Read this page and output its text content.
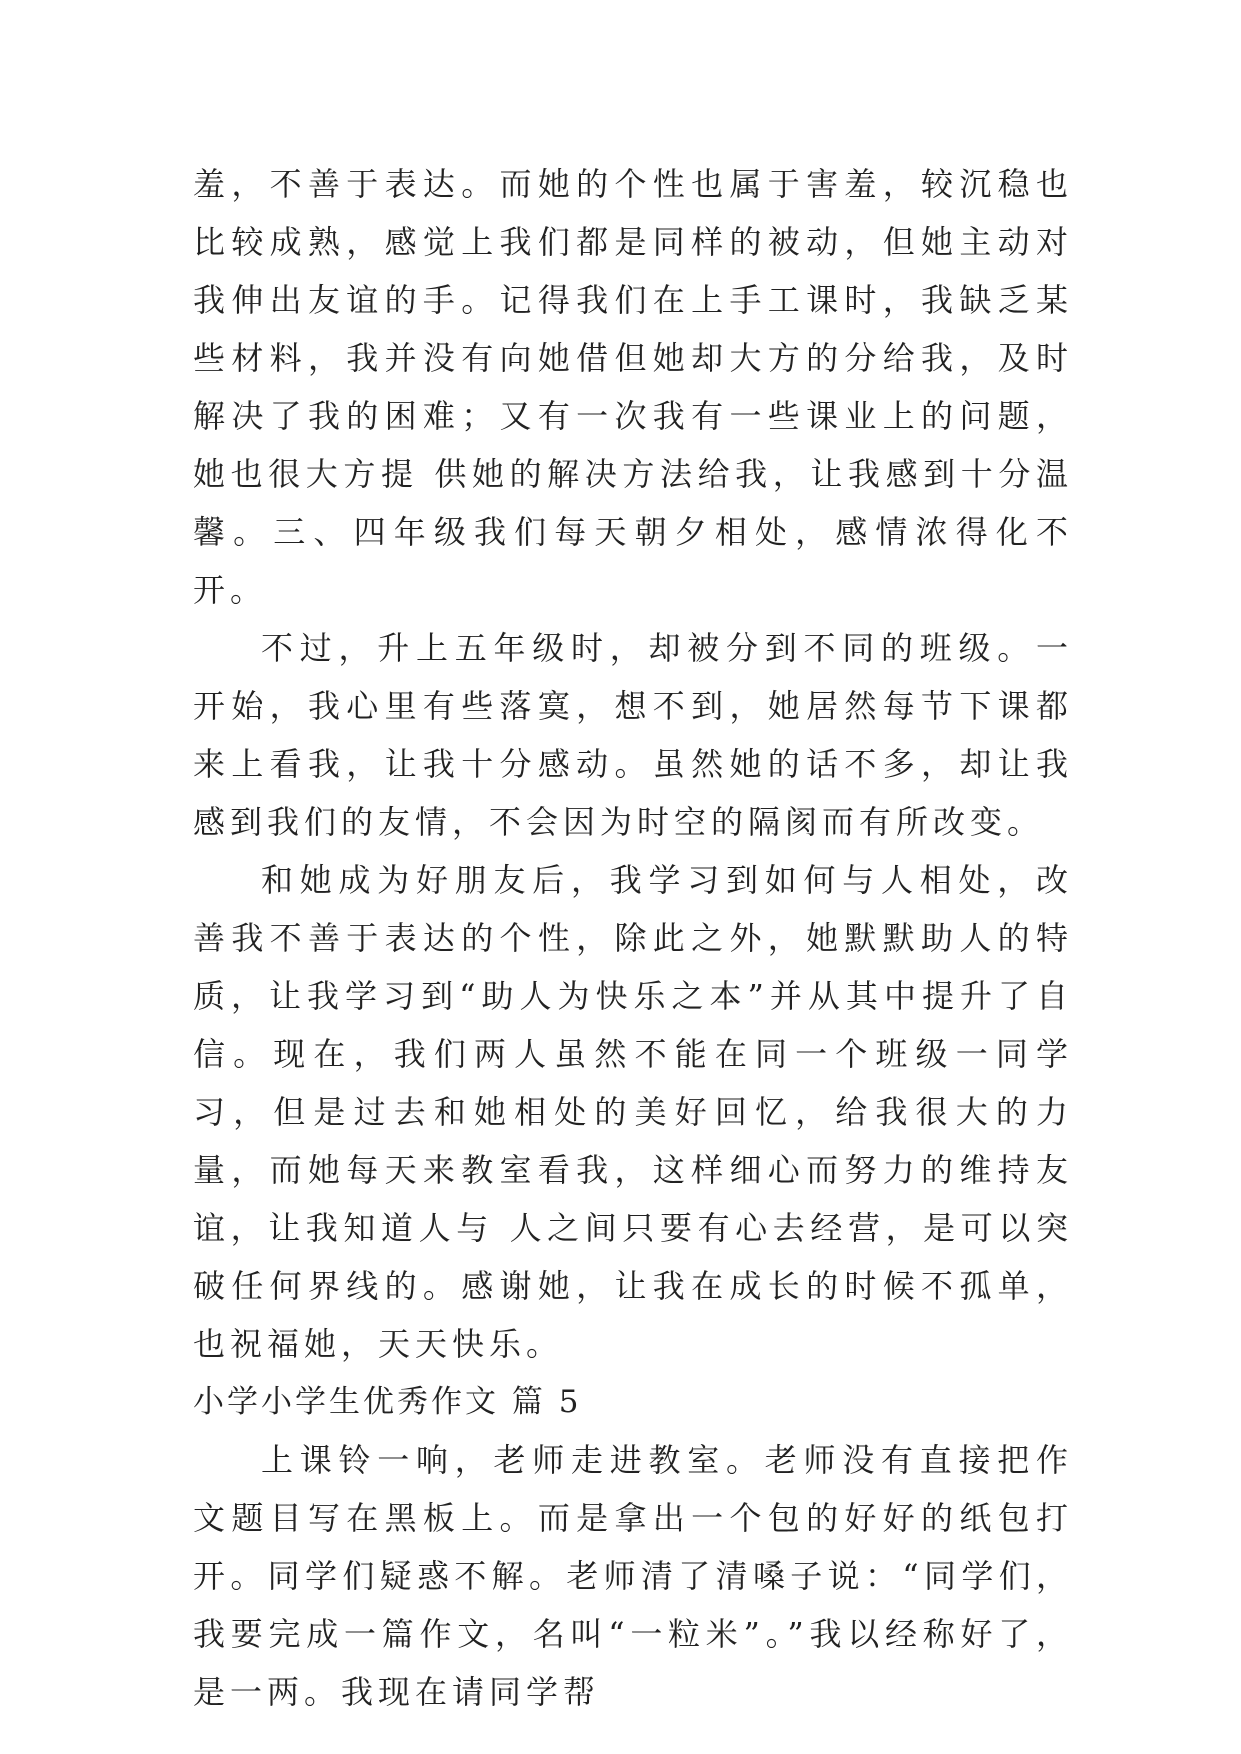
羞，不善于表达。而她的个性也属于害羞，较沉稳也比较成熟，感觉上我们都是同样的被动，但她主动对我伸出友谊的手。记得我们在上手工课时，我缺乏某些材料，我并没有向她借但她却大方的分给我，及时解决了我的困难；又有一次我有一些课业上的问题，她也很大方提 供她的解决方法给我，让我感到十分温馨。三、四年级我们每天朝夕相处，感情浓得化不开。

不过，升上五年级时，却被分到不同的班级。一开始，我心里有些落寞，想不到，她居然每节下课都来上看我，让我十分感动。虽然她的话不多，却让我感到我们的友情，不会因为时空的隔阂而有所改变。

和她成为好朋友后，我学习到如何与人相处，改善我不善于表达的个性，除此之外，她默默助人的特质，让我学习到“助人为快乐之本”并从其中提升了自信。现在，我们两人虽然不能在同一个班级一同学习，但是过去和她相处的美好回忆，给我很大的力量，而她每天来教室看我，这样细心而努力的维持友谊，让我知道人与 人之间只要有心去经营，是可以突破任何界线的。感谢她，让我在成长的时候不孤单，也祝福她，天天快乐。

小学小学生优秀作文 篇 5

上课铃一响，老师走进教室。老师没有直接把作文题目写在黑板上。而是拿出一个包的好好的纸包打开。同学们疑惑不解。老师清了清嗓子说：“同学们，我要完成一篇作文，名叫“一粒米”。”我以经称好了，是一两。我现在请同学帮
